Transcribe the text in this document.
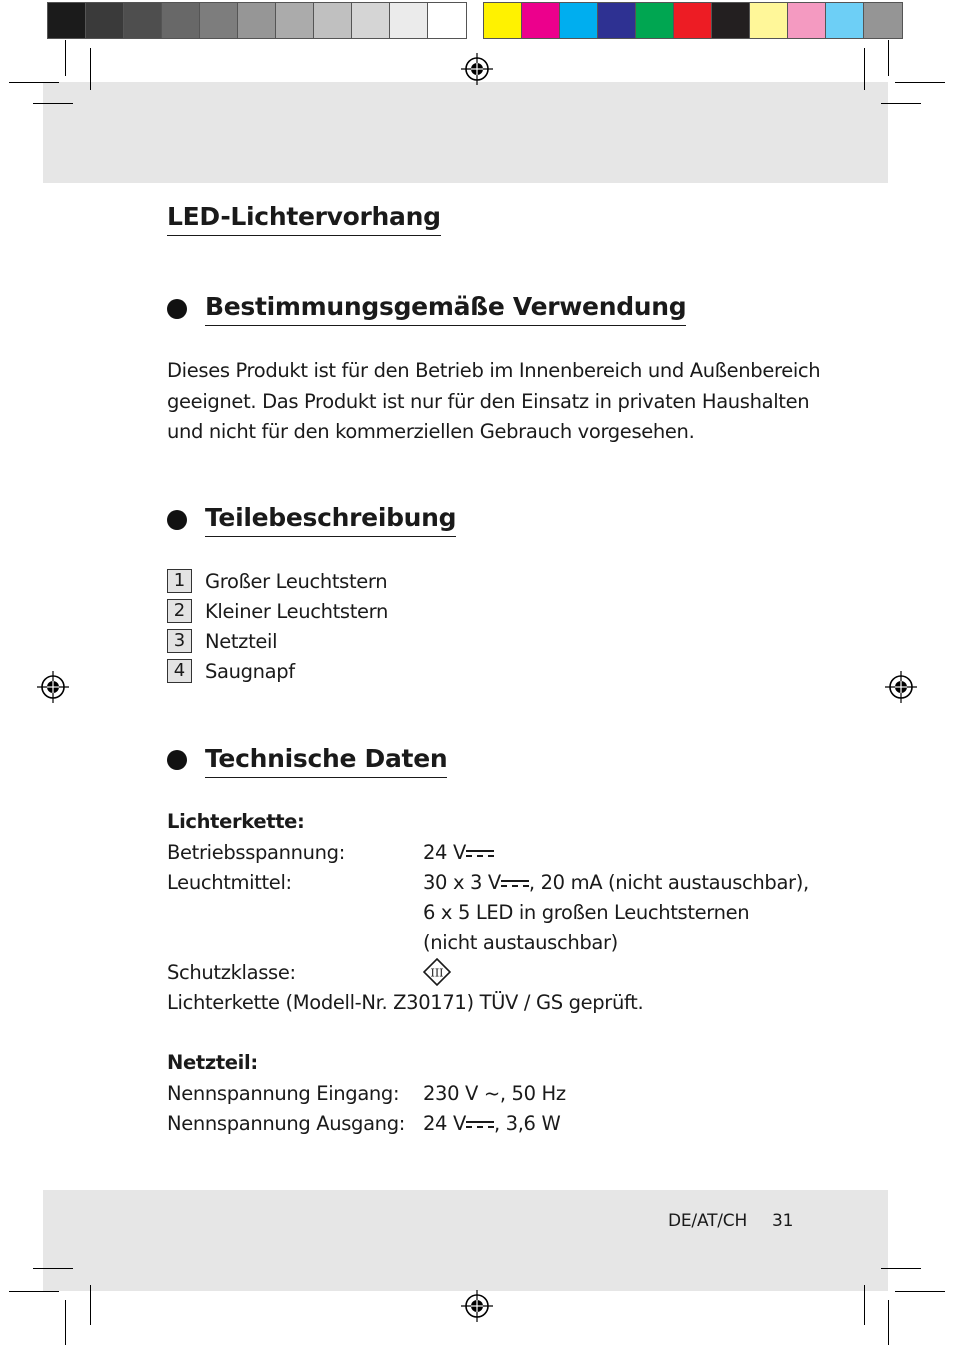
LED-Lichtervorhang
Bestimmungsgemäße Verwendung
Dieses Produkt ist für den Betrieb im Innenbereich und Außenbereich
geeignet. Das Produkt ist nur für den Einsatz in privaten Haushalten
und nicht für den kommerziellen Gebrauch vorgesehen.
Teilebeschreibung
1	Großer Leuchtstern
2	Kleiner Leuchtstern
3	Netzteil
4	Saugnapf
Technische Daten
Lichterkette:
Betriebsspannung:	24 V
Leuchtmittel:	30 x 3 V , 20 mA (nicht austauschbar),
6 x 5 LED in großen Leuchtsternen
(nicht austauschbar)
Schutzklasse:	III
Lichterkette (Modell-Nr. Z30171) TÜV / GS geprüft.
Netzteil:
Nennspannung Eingang: 230 V ~, 50 Hz
Nennspannung Ausgang: 24 V , 3,6 W
DE/AT/CH 31
